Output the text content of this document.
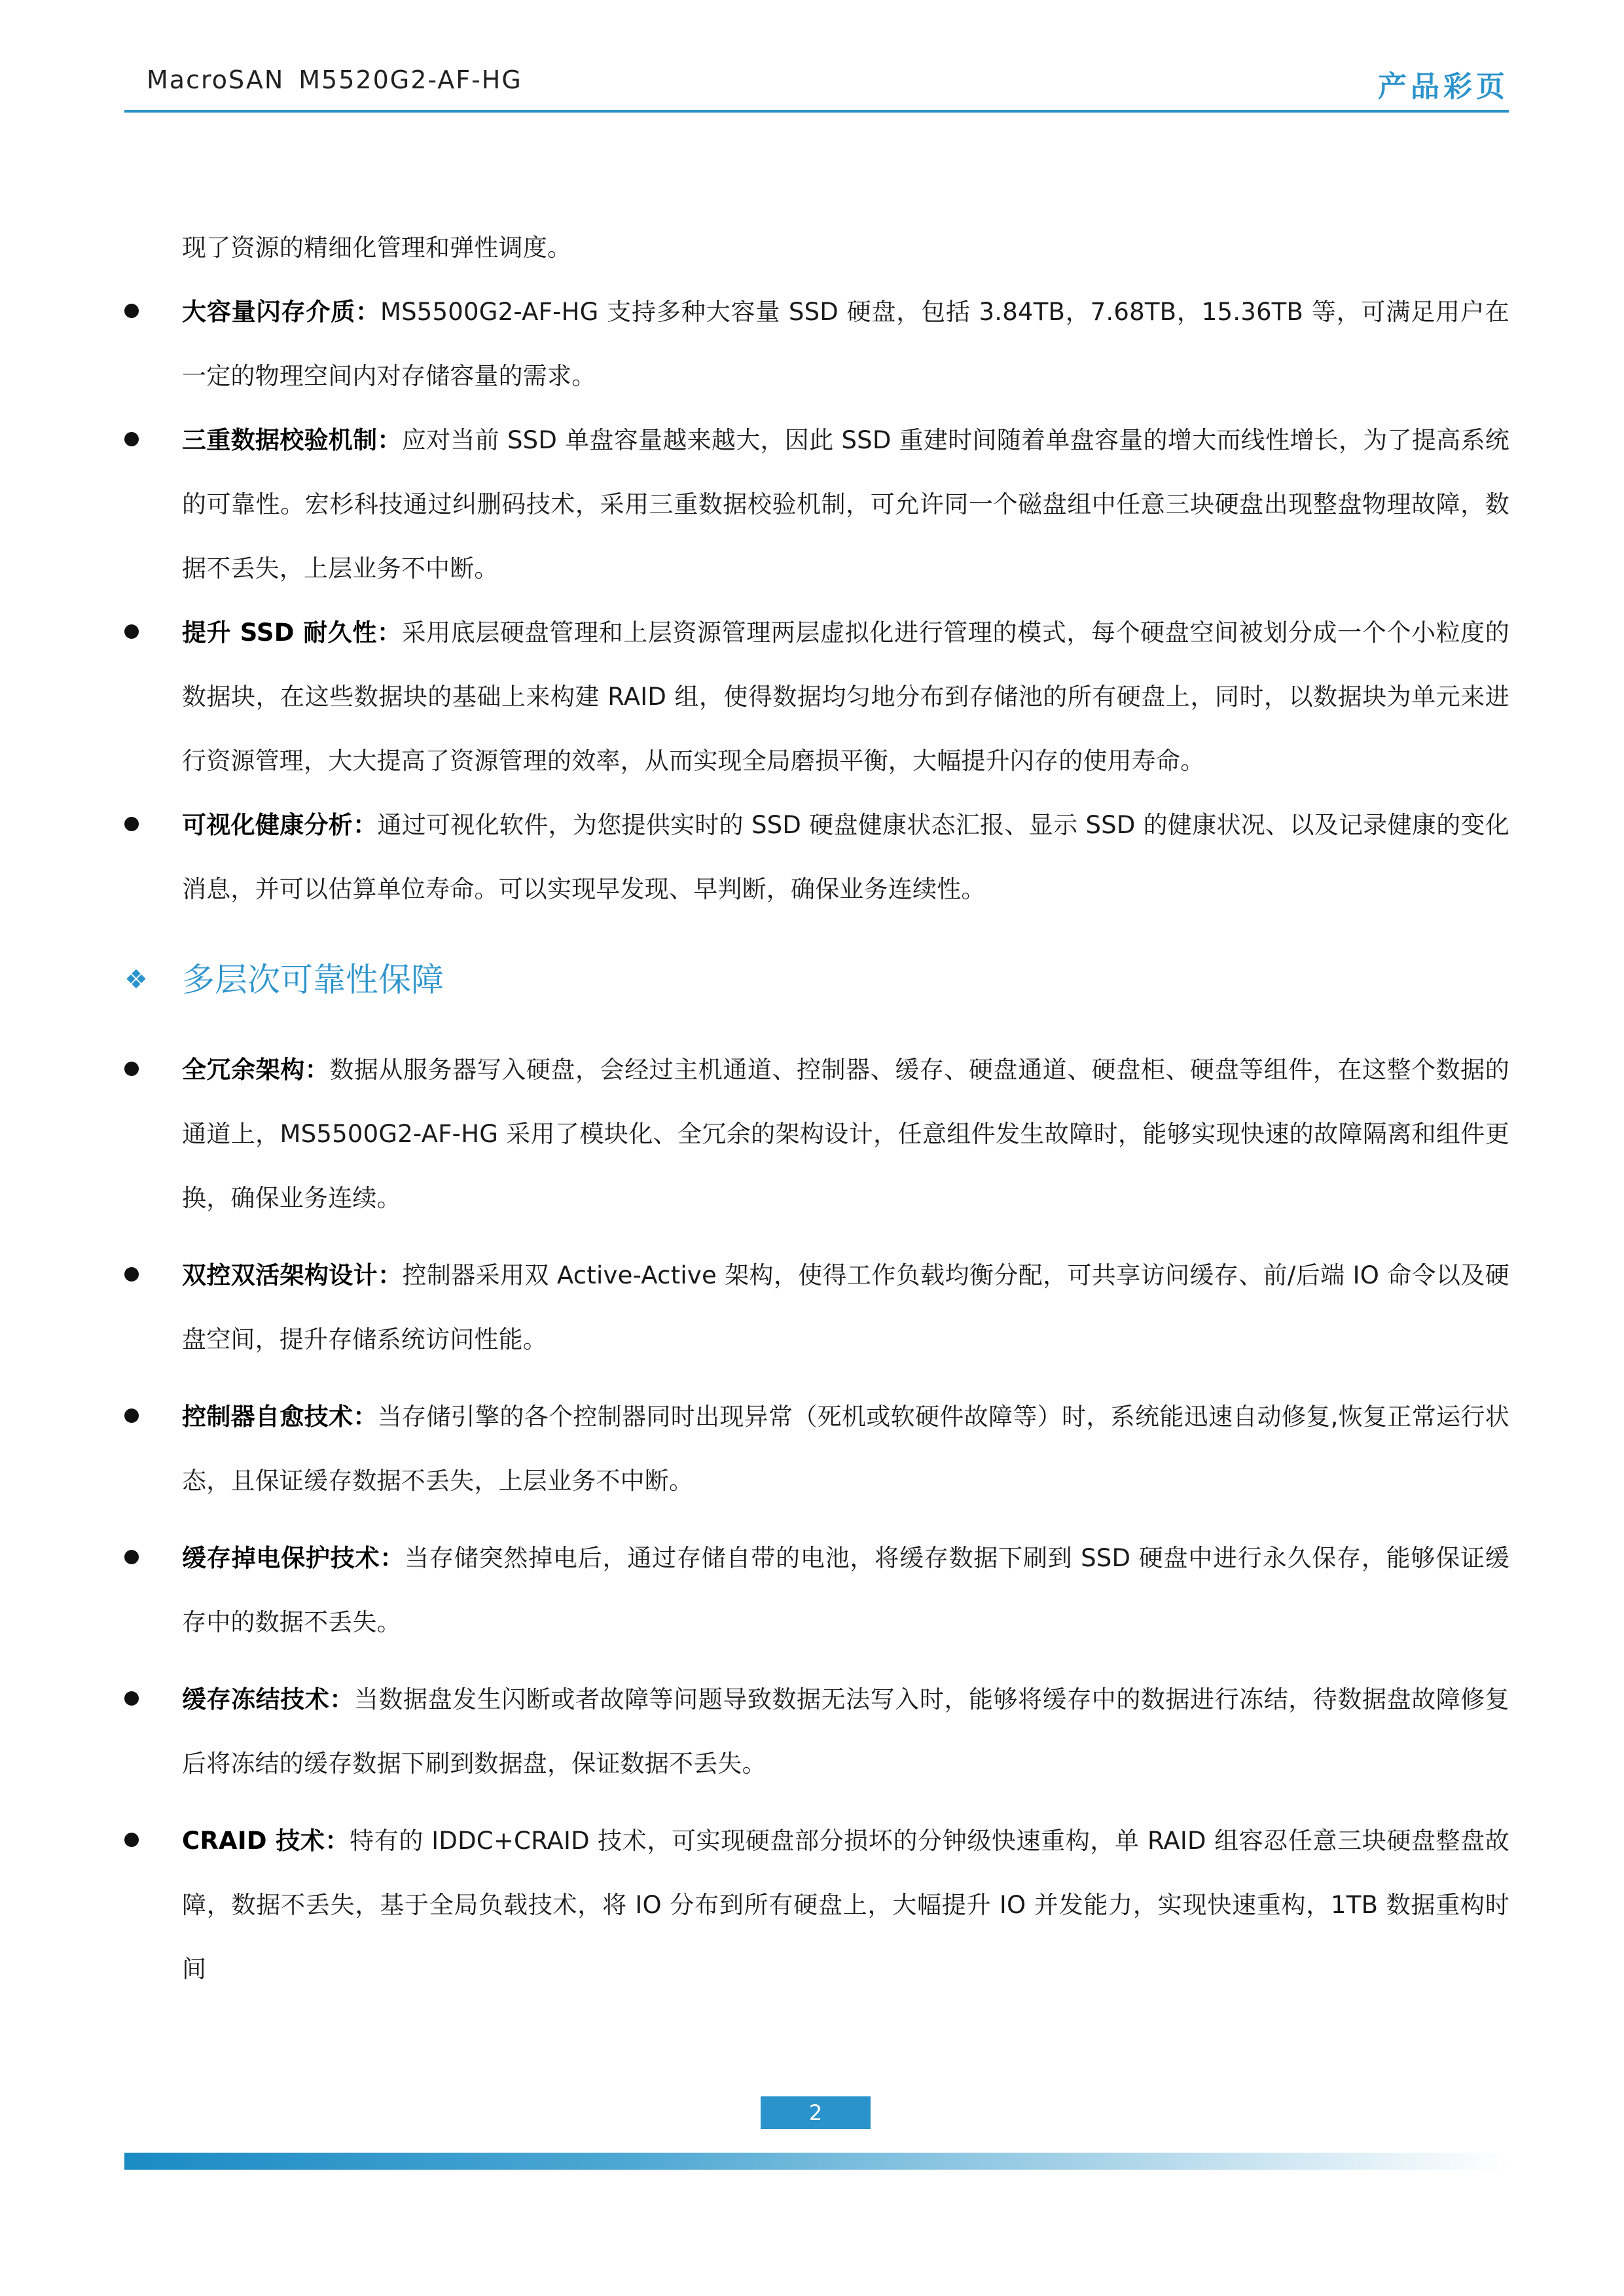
MacroSAN M5520G2-AF-HG	产品彩页
现了资源的精细化管理和弹性调度。
大容量闪存介质：MS5500G2-AF-HG 支持多种大容量 SSD 硬盘，包括 3.84TB，7.68TB，15.36TB 等，可满足用户在一定的物理空间内对存储容量的需求。
三重数据校验机制：应对当前 SSD 单盘容量越来越大，因此 SSD 重建时间随着单盘容量的增大而线性增长，为了提高系统的可靠性。宏杉科技通过纠删码技术，采用三重数据校验机制，可允许同一个磁盘组中任意三块硬盘出现整盘物理故障，数据不丢失，上层业务不中断。
提升 SSD 耐久性：采用底层硬盘管理和上层资源管理两层虚拟化进行管理的模式，每个硬盘空间被划分成一个个小粒度的数据块，在这些数据块的基础上来构建 RAID 组，使得数据均匀地分布到存储池的所有硬盘上，同时，以数据块为单元来进行资源管理，大大提高了资源管理的效率，从而实现全局磨损平衡，大幅提升闪存的使用寿命。
可视化健康分析：通过可视化软件，为您提供实时的 SSD 硬盘健康状态汇报、显示 SSD 的健康状况、以及记录健康的变化消息，并可以估算单位寿命。可以实现早发现、早判断，确保业务连续性。
❖ 多层次可靠性保障
全冗余架构：数据从服务器写入硬盘，会经过主机通道、控制器、缓存、硬盘通道、硬盘柜、硬盘等组件，在这整个数据的通道上，MS5500G2-AF-HG 采用了模块化、全冗余的架构设计，任意组件发生故障时，能够实现快速的故障隔离和组件更换，确保业务连续。
双控双活架构设计：控制器采用双 Active-Active 架构，使得工作负载均衡分配，可共享访问缓存、前/后端 IO 命令以及硬盘空间，提升存储系统访问性能。
控制器自愈技术：当存储引擎的各个控制器同时出现异常（死机或软硬件故障等）时，系统能迅速自动修复,恢复正常运行状态，且保证缓存数据不丢失，上层业务不中断。
缓存掉电保护技术：当存储突然掉电后，通过存储自带的电池，将缓存数据下刷到 SSD 硬盘中进行永久保存，能够保证缓存中的数据不丢失。
缓存冻结技术：当数据盘发生闪断或者故障等问题导致数据无法写入时，能够将缓存中的数据进行冻结，待数据盘故障修复后将冻结的缓存数据下刷到数据盘，保证数据不丢失。
CRAID 技术：特有的 IDDC+CRAID 技术，可实现硬盘部分损坏的分钟级快速重构，单 RAID 组容忍任意三块硬盘整盘故障，数据不丢失，基于全局负载技术，将 IO 分布到所有硬盘上，大幅提升 IO 并发能力，实现快速重构，1TB 数据重构时间
2
